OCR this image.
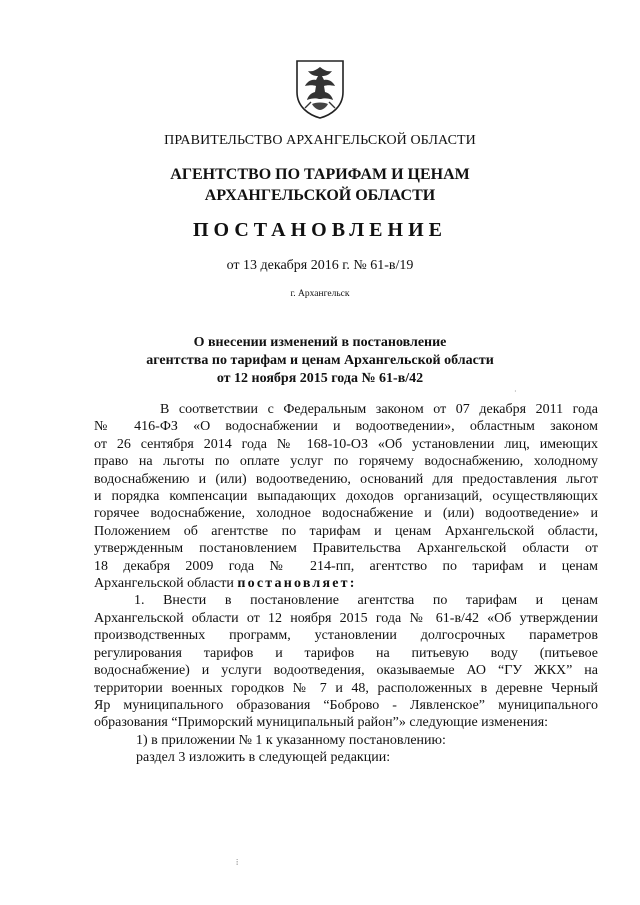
ПРАВИТЕЛЬСТВО АРХАНГЕЛЬСКОЙ ОБЛАСТИ
АГЕНТСТВО ПО ТАРИФАМ И ЦЕНАМ
АРХАНГЕЛЬСКОЙ ОБЛАСТИ
ПОСТАНОВЛЕНИЕ
от 13 декабря 2016 г. № 61-в/19
г. Архангельск
О внесении изменений в постановление
агентства по тарифам и ценам Архангельской области
от 12 ноября 2015 года № 61-в/42

В соответствии с Федеральным законом от 07 декабря 2011 года

№ 416-ФЗ «О водоснабжении и водоотведении», областным законом

от 26 сентября 2014 года № 168-10-ОЗ «Об установлении лиц, имеющих

право на льготы по оплате услуг по горячему водоснабжению, холодному

водоснабжению и (или) водоотведению, оснований для предоставления льгот

и порядка компенсации выпадающих доходов организаций, осуществляющих

горячее водоснабжение, холодное водоснабжение и (или) водоотведение» и

Положением об агентстве по тарифам и ценам Архангельской области,

утвержденным постановлением Правительства Архангельской области от

18 декабря 2009 года № 214-пп, агентство по тарифам и ценам

Архангельской области постановляет:

1. Внести в постановление агентства по тарифам и ценам

Архангельской области от 12 ноября 2015 года № 61-в/42 «Об утверждении

производственных программ, установлении долгосрочных параметров

регулирования тарифов и тарифов на питьевую воду (питьевое

водоснабжение) и услуги водоотведения, оказываемые АО “ГУ ЖКХ” на

территории военных городков № 7 и 48, расположенных в деревне Черный

Яр муниципального образования “Боброво - Лявленское” муниципального

образования “Приморский муниципальный район”» следующие изменения:

1) в приложении № 1 к указанному постановлению:

раздел 3 изложить в следующей редакции:

·
⁞
